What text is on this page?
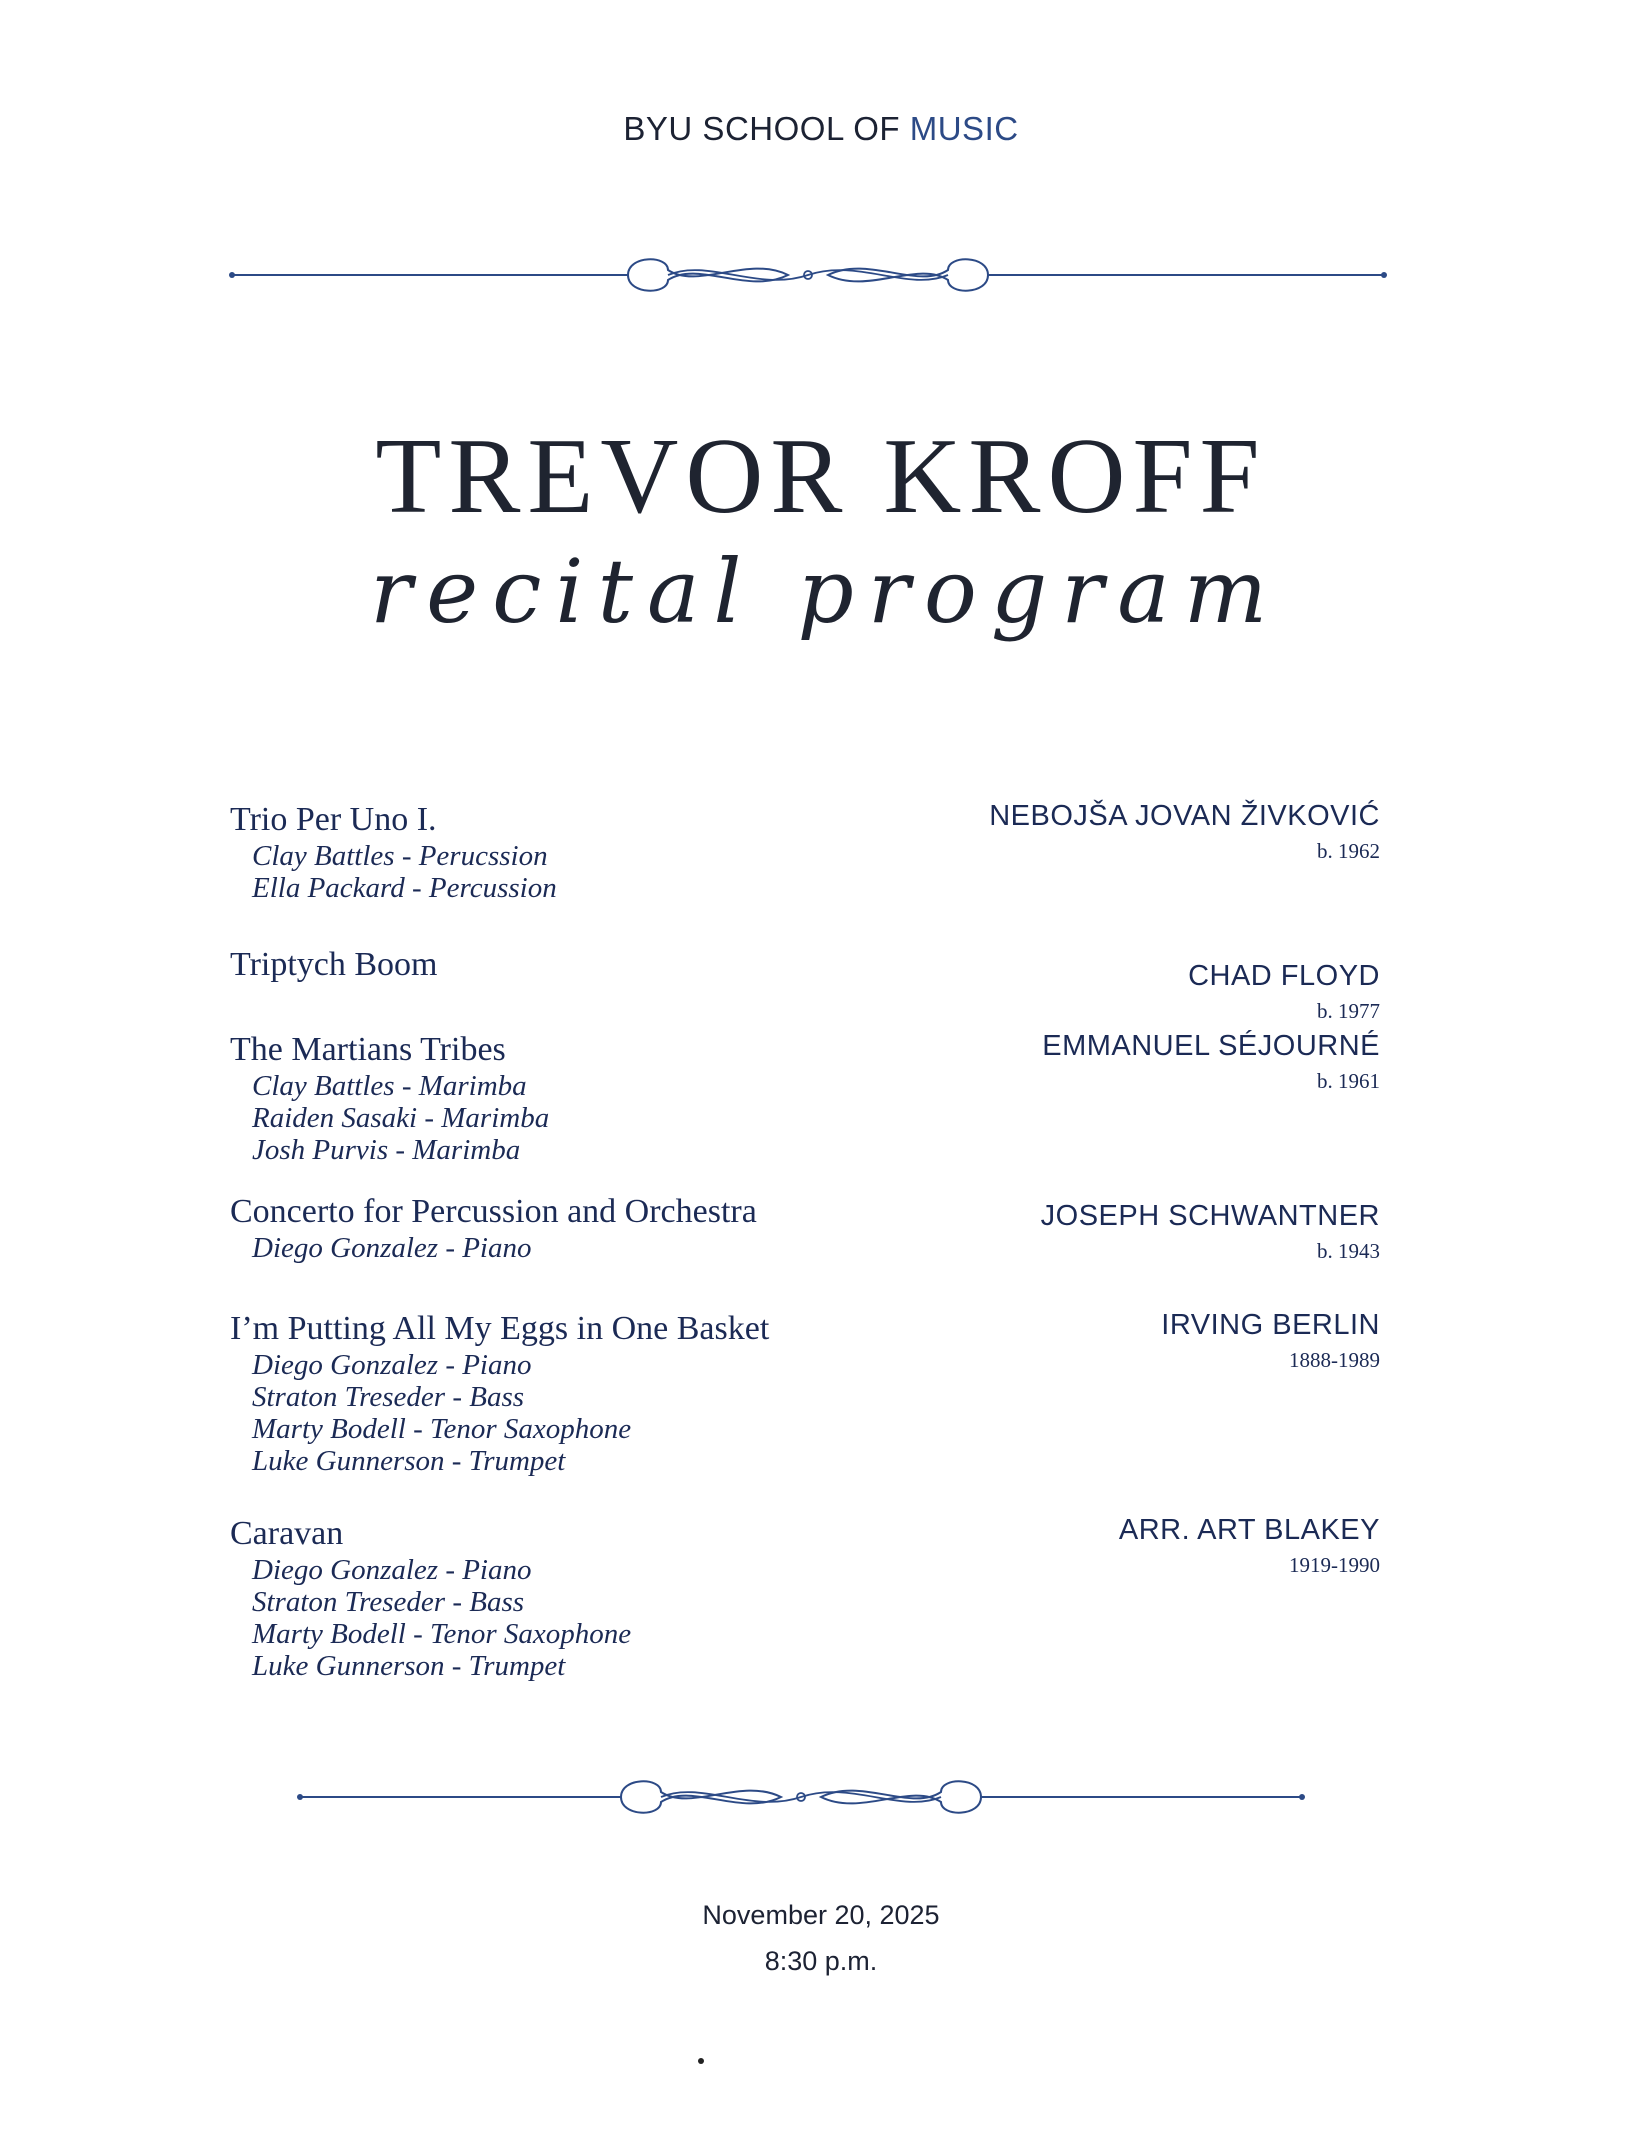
BYU SCHOOL OF MUSIC
TREVOR KROFF
recital program
Trio Per Uno I.
Clay Battles - Perucssion
Ella Packard - Percussion
NEBOJŠA JOVAN ŽIVKOVIĆ
b. 1962
Triptych Boom	CHAD FLOYD
b. 1977
The Martians Tribes
Clay Battles - Marimba
Raiden Sasaki - Marimba
Josh Purvis - Marimba
EMMANUEL SÉJOURNÉ
b. 1961
Concerto for Percussion and Orchestra
Diego Gonzalez - Piano
JOSEPH SCHWANTNER
b. 1943
I’m Putting All My Eggs in One Basket
Diego Gonzalez - Piano
Straton Treseder - Bass
Marty Bodell - Tenor Saxophone
Luke Gunnerson - Trumpet
IRVING BERLIN
1888-1989
Caravan
Diego Gonzalez - Piano
Straton Treseder - Bass
Marty Bodell - Tenor Saxophone
Luke Gunnerson - Trumpet
ARR. ART BLAKEY
1919-1990
November 20, 2025
8:30 p.m.
